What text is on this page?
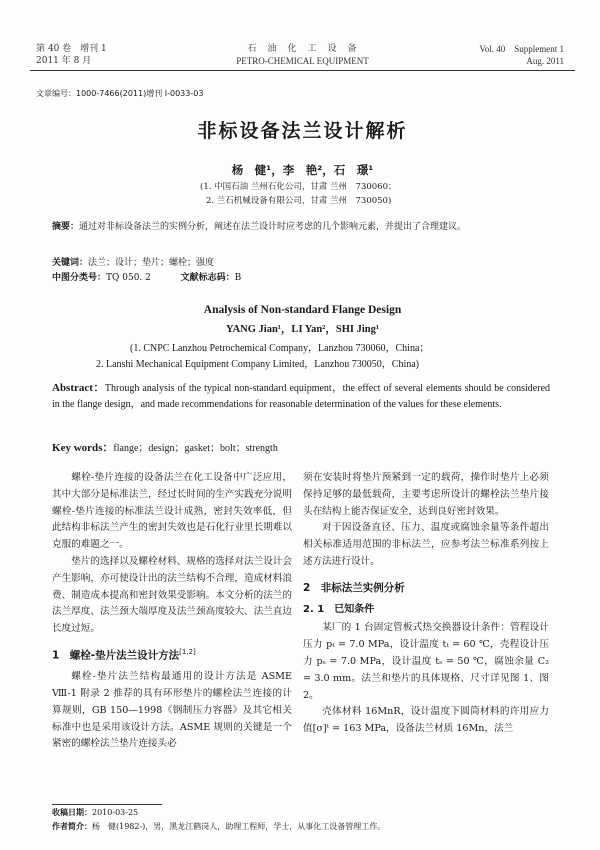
第 40 卷　增刊 1
2011 年 8 月
石　油　化　工　设　备
PETRO-CHEMICAL EQUIPMENT
Vol. 40　Supplement 1
Aug. 2011
文章编号：1000-7466(2011)增刊 I-0033-03
非标设备法兰设计解析
杨　健¹，李　艳²，石　璟¹
(1. 中国石油 兰州石化公司，甘肃 兰州　730060；
2. 兰石机械设备有限公司，甘肃 兰州　730050)
摘要：通过对非标设备法兰的实例分析，阐述在法兰设计时应考虑的几个影响元素，并提出了合理建议。
关键词：法兰；设计；垫片；螺栓；强度
中图分类号：TQ 050. 2	文献标志码：B
Analysis of Non-standard Flange Design
YANG Jian¹，LI Yan²，SHI Jing¹
(1. CNPC Lanzhou Petrochemical Company，Lanzhou 730060，China；
2. Lanshi Mechanical Equipment Company Limited，Lanzhou 730050，China)
Abstract：Through analysis of the typical non-standard equipment，the effect of several elements should be considered in the flange design，and made recommendations for reasonable determination of the values for these elements.
Key words：flange；design；gasket；bolt；strength

螺栓-垫片连接的设备法兰在化工设备中广泛应用，其中大部分是标准法兰，经过长时间的生产实践充分说明螺栓-垫片连接的标准法兰设计成熟，密封失效率低，但此结构非标法兰产生的密封失效也是石化行业里长期难以克服的难题之一。

垫片的选择以及螺栓材料、规格的选择对法兰设计会产生影响，亦可使设计出的法兰结构不合理，造成材料浪费、制造成本提高和密封效果受影响。本文分析的法兰的法兰厚度、法兰颈大端厚度及法兰颈高度较大、法兰直边长度过短。

1　螺栓-垫片法兰设计方法[1,2]

螺栓-垫片法兰结构最通用的设计方法是 ASME Ⅷ-1 附录 2 推荐的具有环形垫片的螺栓法兰连接的计算规则，GB 150—1998《钢制压力容器》及其它相关标准中也是采用该设计方法。ASME 规则的关键是一个紧密的螺栓法兰垫片连接头必

须在安装时将垫片预紧到一定的载荷，操作时垫片上必须保持足够的最低载荷，主要考虑所设计的螺栓法兰垫片接头在结构上能否保证安全，达到良好密封效果。

对于因设备直径、压力、温度或腐蚀余量等条件超出相关标准适用范围的非标法兰，应参考法兰标准系列按上述方法进行设计。

2　非标法兰实例分析
2. 1　已知条件

某厂的 1 台固定管板式热交换器设计条件：管程设计压力 pₜ = 7.0 MPa，设计温度 tₜ = 60 ℃，壳程设计压力 pₛ = 7.0 MPa，设计温度 tₛ = 50 ℃，腐蚀余量 C₂ = 3.0 mm。法兰和垫片的具体规格、尺寸详见图 1、图 2。

壳体材料 16MnR，设计温度下圆筒材料的许用应力值[σ]ᵗ = 163 MPa，设备法兰材质 16Mn，法兰

收稿日期：2010-03-25
作者简介：杨　健(1982-)，男，黑龙江鹤岗人，助理工程师，学士，从事化工设备管理工作。
